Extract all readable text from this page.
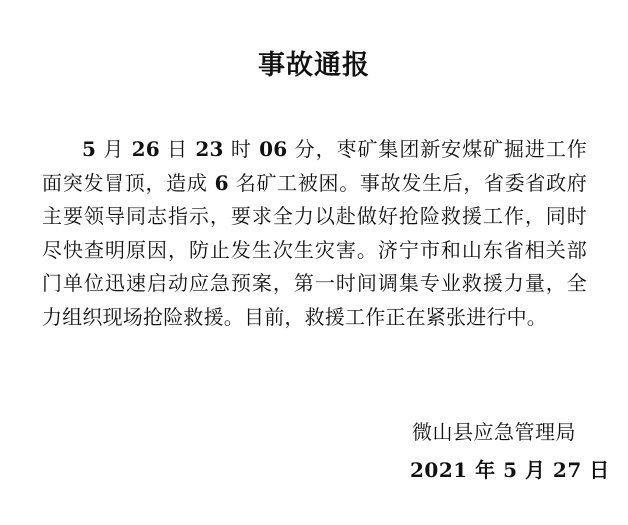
事故通报
5 月 26 日 23 时 06 分，枣矿集团新安煤矿掘进工作面突发冒顶，造成 6 名矿工被困。事故发生后，省委省政府主要领导同志指示，要求全力以赴做好抢险救援工作，同时尽快查明原因，防止发生次生灾害。济宁市和山东省相关部门单位迅速启动应急预案，第一时间调集专业救援力量，全力组织现场抢险救援。目前，救援工作正在紧张进行中。
微山县应急管理局
2021 年 5 月 27 日
